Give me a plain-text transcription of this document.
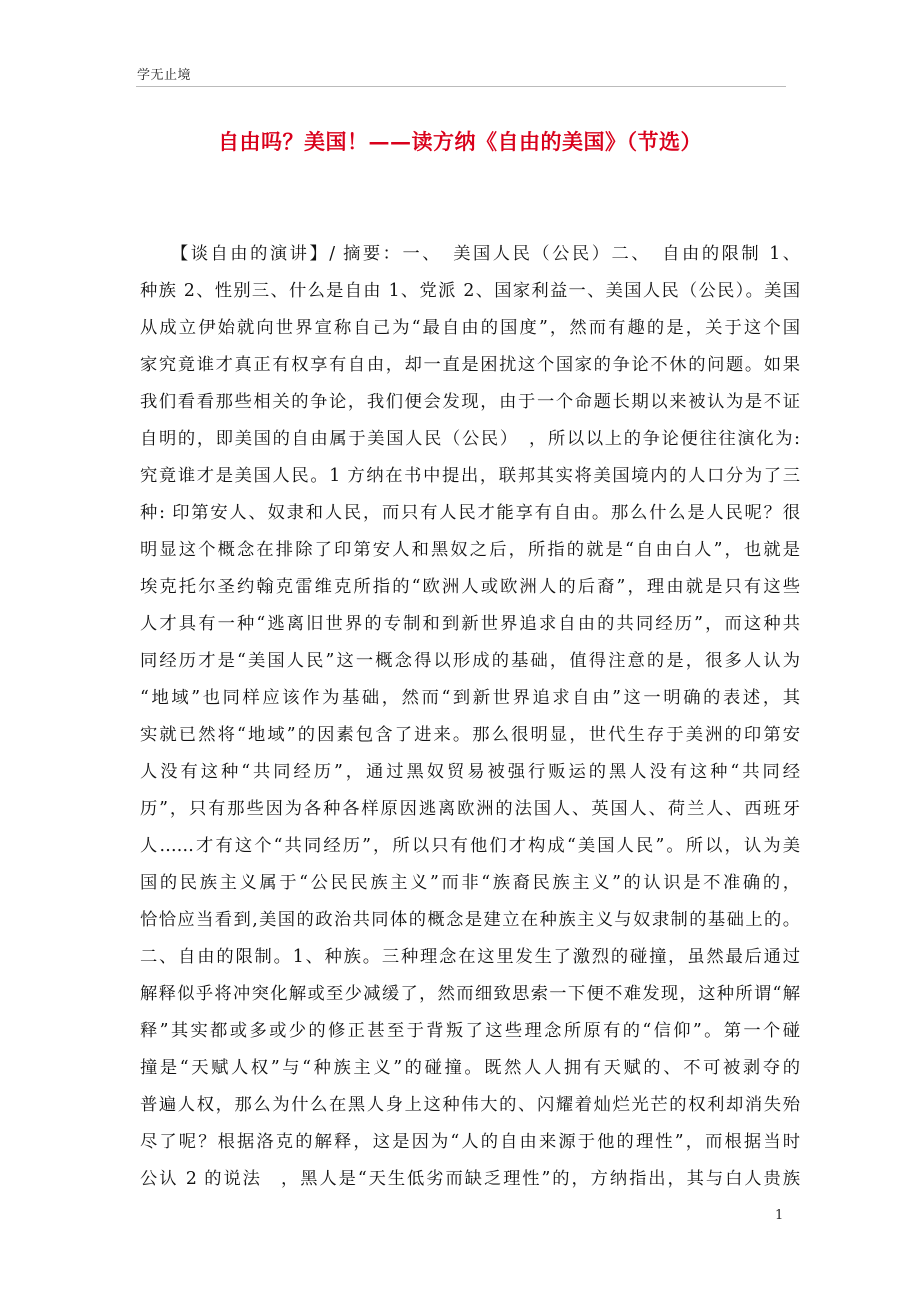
学无止境
自由吗？美国！——读方纳《自由的美国》（节选）
　　【谈自由的演讲】/ 摘要：一、　美国人民（公民）二、　自由的限制 1、
种族 2、性别三、什么是自由 1、党派 2、国家利益一、美国人民（公民）。美国
从成立伊始就向世界宣称自己为“最自由的国度”，然而有趣的是，关于这个国
家究竟谁才真正有权享有自由，却一直是困扰这个国家的争论不休的问题。如果
我们看看那些相关的争论，我们便会发现，由于一个命题长期以来被认为是不证
自明的，即美国的自由属于美国人民（公民）　，所以以上的争论便往往演化为:
究竟谁才是美国人民。1 方纳在书中提出，联邦其实将美国境内的人口分为了三
种: 印第安人、奴隶和人民，而只有人民才能享有自由。那么什么是人民呢？很
明显这个概念在排除了印第安人和黑奴之后，所指的就是“自由白人”，也就是
埃克托尔圣约翰克雷维克所指的“欧洲人或欧洲人的后裔”，理由就是只有这些
人才具有一种“逃离旧世界的专制和到新世界追求自由的共同经历”，而这种共
同经历才是“美国人民”这一概念得以形成的基础，值得注意的是，很多人认为
“地域”也同样应该作为基础，然而“到新世界追求自由”这一明确的表述，其
实就已然将“地域”的因素包含了进来。那么很明显，世代生存于美洲的印第安
人没有这种“共同经历”，通过黑奴贸易被强行贩运的黑人没有这种“共同经
历”，只有那些因为各种各样原因逃离欧洲的法国人、英国人、荷兰人、西班牙
人……才有这个“共同经历”，所以只有他们才构成“美国人民”。所以，认为美
国的民族主义属于“公民民族主义”而非“族裔民族主义”的认识是不准确的，
恰恰应当看到,美国的政治共同体的概念是建立在种族主义与奴隶制的基础上的。
二、自由的限制。1、种族。三种理念在这里发生了激烈的碰撞，虽然最后通过
解释似乎将冲突化解或至少减缓了，然而细致思索一下便不难发现，这种所谓“解
释”其实都或多或少的修正甚至于背叛了这些理念所原有的“信仰”。第一个碰
撞是“天赋人权”与“种族主义”的碰撞。既然人人拥有天赋的、不可被剥夺的
普遍人权，那么为什么在黑人身上这种伟大的、闪耀着灿烂光芒的权利却消失殆
尽了呢？根据洛克的解释，这是因为“人的自由来源于他的理性”，而根据当时
公认 2 的说法　，黑人是“天生低劣而缺乏理性”的，方纳指出，其与白人贵族
1
